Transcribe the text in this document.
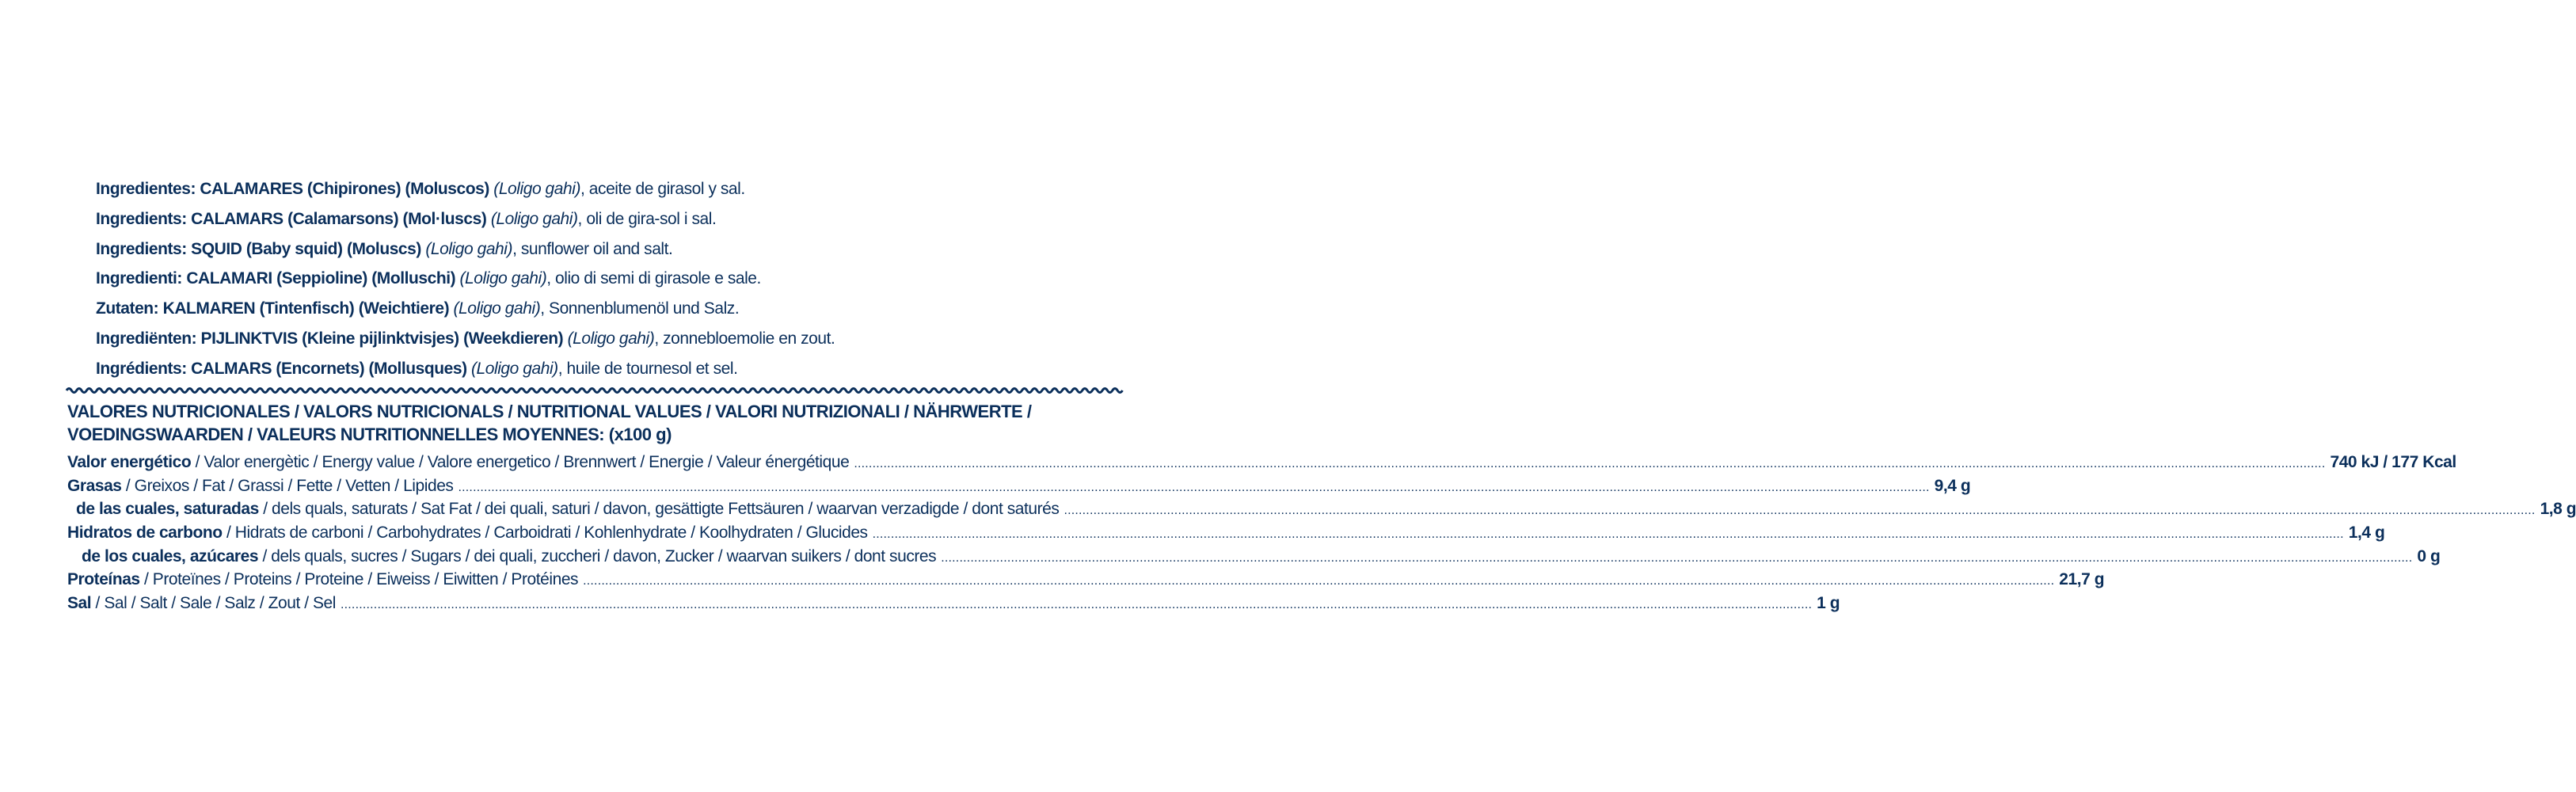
Ingredientes: CALAMARES (Chipirones) (Moluscos) (Loligo gahi), aceite de girasol y sal.
Ingredients: CALAMARS (Calamarsons) (Mol·luscs) (Loligo gahi), oli de gira-sol i sal.
Ingredients: SQUID (Baby squid) (Moluscs) (Loligo gahi), sunflower oil and salt.
Ingredienti: CALAMARI (Seppioline) (Molluschi) (Loligo gahi), olio di semi di girasole e sale.
Zutaten: KALMAREN (Tintenfisch) (Weichtiere) (Loligo gahi), Sonnenblumenöl und Salz.
Ingrediënten: PIJLINKTVIS (Kleine pijlinktvisjes) (Weekdieren) (Loligo gahi), zonnebloemolie en zout.
Ingrédients: CALMARS (Encornets) (Mollusques) (Loligo gahi), huile de tournesol et sel.
VALORES NUTRICIONALES / VALORS NUTRICIONALS / NUTRITIONAL VALUES / VALORI NUTRIZIONALI / NÄHRWERTE /
VOEDINGSWAARDEN / VALEURS NUTRITIONNELLES MOYENNES: (x100 g)
Valor energético / Valor energètic / Energy value / Valore energetico / Brennwert / Energie / Valeur énergétique ................................................................................................................................................................................................................................................................................................................................................................................................................ 740 kJ / 177 Kcal
Grasas / Greixos / Fat / Grassi / Fette / Vetten / Lipides ................................................................................................................................................................................................................................................................................................................................................................................................................ 9,4 g
de las cuales, saturadas / dels quals, saturats / Sat Fat / dei quali, saturi / davon, gesättigte Fettsäuren / waarvan verzadigde / dont saturés ................................................................................................................................................................................................................................................................................................................................................................................................................ 1,8 g
Hidratos de carbono / Hidrats de carboni / Carbohydrates / Carboidrati / Kohlenhydrate / Koolhydraten / Glucides ................................................................................................................................................................................................................................................................................................................................................................................................................ 1,4 g
de los cuales, azúcares / dels quals, sucres / Sugars / dei quali, zuccheri / davon, Zucker / waarvan suikers / dont sucres ................................................................................................................................................................................................................................................................................................................................................................................................................ 0 g
Proteínas / Proteïnes / Proteins / Proteine / Eiweiss / Eiwitten / Protéines ................................................................................................................................................................................................................................................................................................................................................................................................................ 21,7 g
Sal / Sal / Salt / Sale / Salz / Zout / Sel ................................................................................................................................................................................................................................................................................................................................................................................................................ 1 g
